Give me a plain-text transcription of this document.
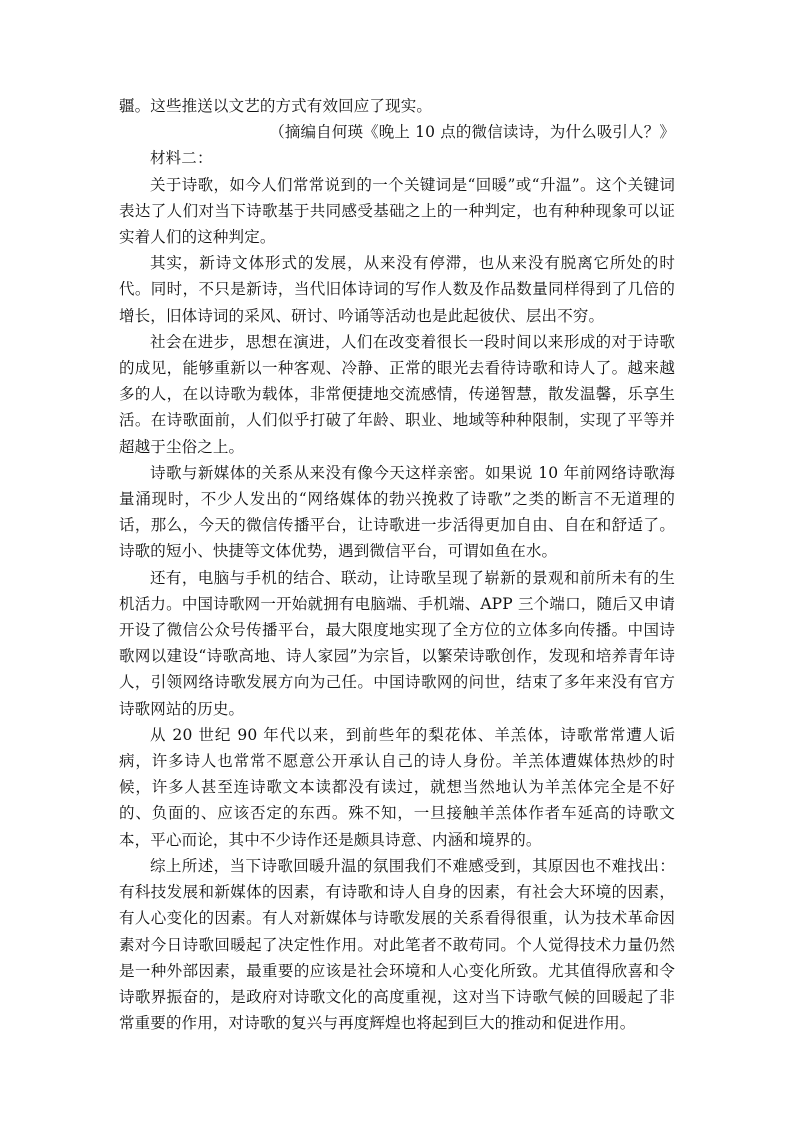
疆。这些推送以文艺的方式有效回应了现实。

（摘编自何瑛《晚上 10 点的微信读诗，为什么吸引人？》

材料二：

关于诗歌，如今人们常常说到的一个关键词是“回暖”或“升温”。这个关键词表达了人们对当下诗歌基于共同感受基础之上的一种判定，也有种种现象可以证实着人们的这种判定。

其实，新诗文体形式的发展，从来没有停滞，也从来没有脱离它所处的时代。同时，不只是新诗，当代旧体诗词的写作人数及作品数量同样得到了几倍的增长，旧体诗词的采风、研讨、吟诵等活动也是此起彼伏、层出不穷。

社会在进步，思想在演进，人们在改变着很长一段时间以来形成的对于诗歌的成见，能够重新以一种客观、冷静、正常的眼光去看待诗歌和诗人了。越来越多的人，在以诗歌为载体，非常便捷地交流感情，传递智慧，散发温馨，乐享生活。在诗歌面前，人们似乎打破了年龄、职业、地域等种种限制，实现了平等并超越于尘俗之上。

诗歌与新媒体的关系从来没有像今天这样亲密。如果说 10 年前网络诗歌海量涌现时，不少人发出的“网络媒体的勃兴挽救了诗歌”之类的断言不无道理的话，那么，今天的微信传播平台，让诗歌进一步活得更加自由、自在和舒适了。诗歌的短小、快捷等文体优势，遇到微信平台，可谓如鱼在水。

还有，电脑与手机的结合、联动，让诗歌呈现了崭新的景观和前所未有的生机活力。中国诗歌网一开始就拥有电脑端、手机端、APP 三个端口，随后又申请开设了微信公众号传播平台，最大限度地实现了全方位的立体多向传播。中国诗歌网以建设“诗歌高地、诗人家园”为宗旨，以繁荣诗歌创作，发现和培养青年诗人，引领网络诗歌发展方向为己任。中国诗歌网的问世，结束了多年来没有官方诗歌网站的历史。

从 20 世纪 90 年代以来，到前些年的梨花体、羊羔体，诗歌常常遭人诟病，许多诗人也常常不愿意公开承认自己的诗人身份。羊羔体遭媒体热炒的时候，许多人甚至连诗歌文本读都没有读过，就想当然地认为羊羔体完全是不好的、负面的、应该否定的东西。殊不知，一旦接触羊羔体作者车延高的诗歌文本，平心而论，其中不少诗作还是颇具诗意、内涵和境界的。

综上所述，当下诗歌回暖升温的氛围我们不难感受到，其原因也不难找出：有科技发展和新媒体的因素，有诗歌和诗人自身的因素，有社会大环境的因素，有人心变化的因素。有人对新媒体与诗歌发展的关系看得很重，认为技术革命因素对今日诗歌回暖起了决定性作用。对此笔者不敢苟同。个人觉得技术力量仍然是一种外部因素，最重要的应该是社会环境和人心变化所致。尤其值得欣喜和令诗歌界振奋的，是政府对诗歌文化的高度重视，这对当下诗歌气候的回暖起了非常重要的作用，对诗歌的复兴与再度辉煌也将起到巨大的推动和促进作用。
